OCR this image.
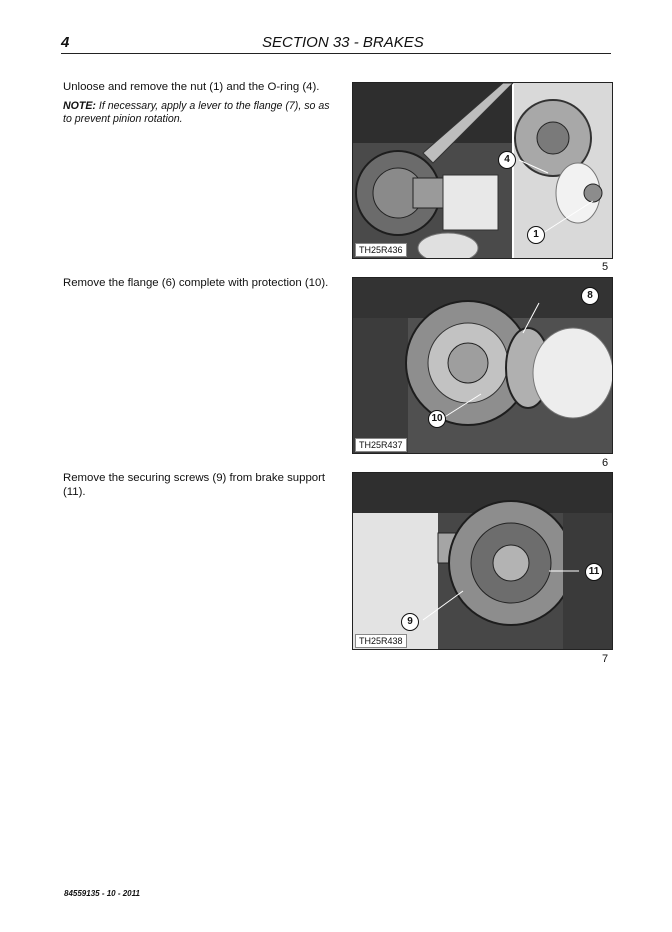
4	SECTION 33 - BRAKES
Unloose and remove the nut (1) and the O-ring (4).
NOTE: If necessary, apply a lever to the flange (7), so as to prevent pinion rotation.
4
1
TH25R436
5
Remove the flange (6) complete with protection (10).
8
10
TH25R437
6
Remove the securing screws (9) from brake support (11).
11
9
TH25R438
7
84559135 - 10 - 2011
